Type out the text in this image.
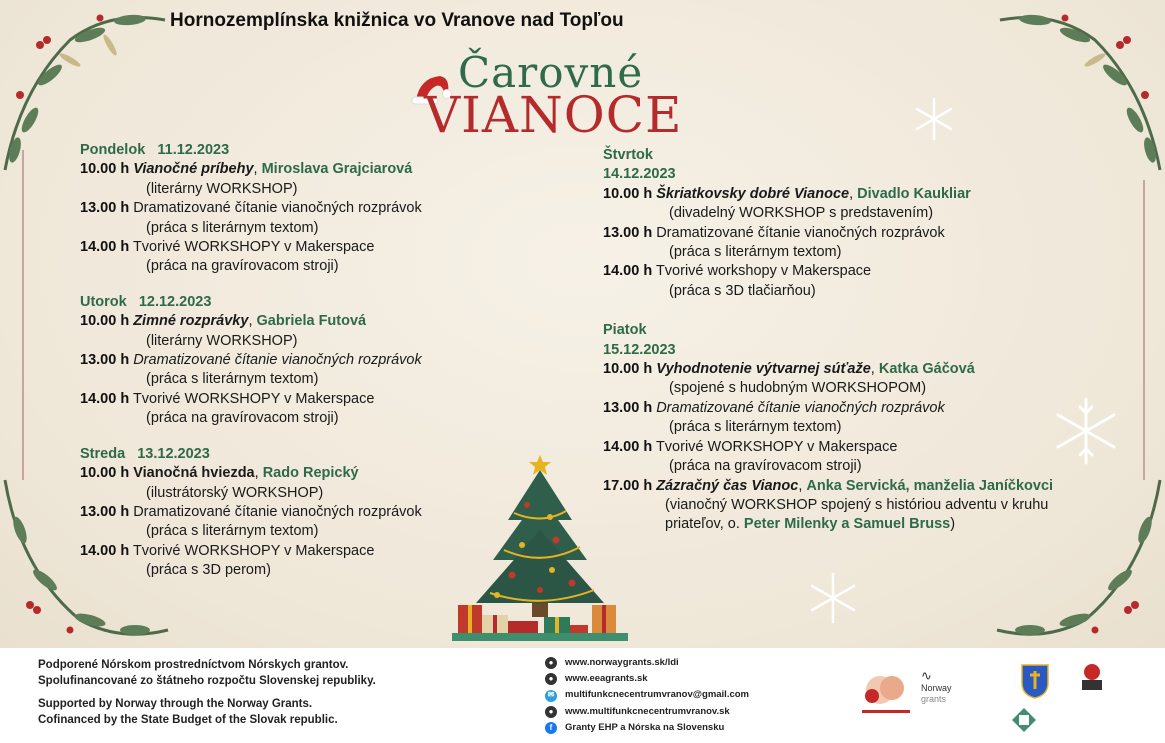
Hornozemplínska knižnica vo Vranove nad Topľou
Čarovné
VIANOCE
Pondelok 11.12.2023
10.00 h Vianočné príbehy, Miroslava Grajciarová
(literárny WORKSHOP)
13.00 h Dramatizované čítanie vianočných rozprávok
(práca s literárnym textom)
14.00 h Tvorivé WORKSHOPY v Makerspace
(práca na gravírovacom stroji)
Utorok 12.12.2023
10.00 h Zimné rozprávky, Gabriela Futová
(literárny WORKSHOP)
13.00 h Dramatizované čítanie vianočných rozprávok
(práca s literárnym textom)
14.00 h Tvorivé WORKSHOPY v Makerspace
(práca na gravírovacom stroji)
Streda 13.12.2023
10.00 h Vianočná hviezda, Rado Repický
(ilustrátorský WORKSHOP)
13.00 h Dramatizované čítanie vianočných rozprávok
(práca s literárnym textom)
14.00 h Tvorivé WORKSHOPY v Makerspace
(práca s 3D perom)
Štvrtok
14.12.2023
10.00 h Škriatkovsky dobré Vianoce, Divadlo Kaukliar
(divadelný WORKSHOP s predstavením)
13.00 h Dramatizované čítanie vianočných rozprávok
(práca s literárnym textom)
14.00 h Tvorivé workshopy v Makerspace
(práca s 3D tlačiarňou)
Piatok
15.12.2023
10.00 h Vyhodnotenie výtvarnej súťaže, Katka Gáčová
(spojené s hudobným WORKSHOPOM)
13.00 h Dramatizované čítanie vianočných rozprávok
(práca s literárnym textom)
14.00 h Tvorivé WORKSHOPY v Makerspace
(práca na gravírovacom stroji)
17.00 h Zázračný čas Vianoc, Anka Servická, manželia Janíčkovci
(vianočný WORKSHOP spojený s históriou adventu v kruhu
priateľov, o. Peter Milenky a Samuel Bruss)
Podporené Nórskom prostredníctvom Nórskych grantov.
Spolufinancované zo štátneho rozpočtu Slovenskej republiky.
Supported by Norway through the Norway Grants.
Cofinanced by the State Budget of the Slovak republic.
●	www.norwaygrants.sk/ldi
●	www.eeagrants.sk
✉ multifunkcnecentrumvranov@gmail.com
●	www.multifunkcnecentrumvranov.sk
f	Granty EHP a Nórska na Slovensku
∿
Norway
grants
